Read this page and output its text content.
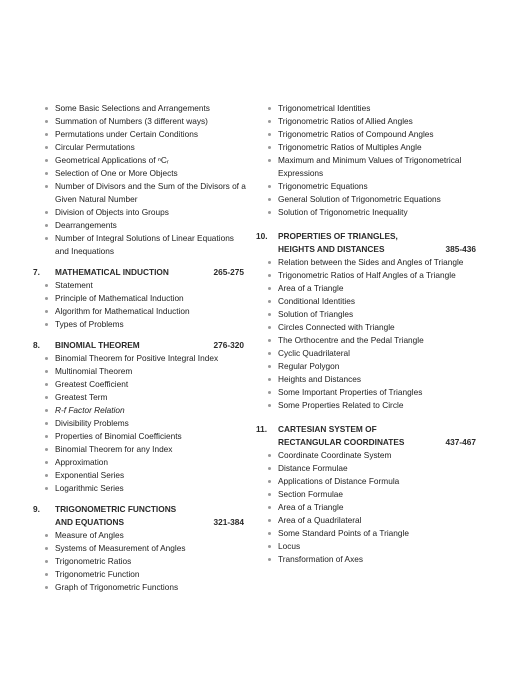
Some Basic Selections and Arrangements
Summation of Numbers (3 different ways)
Permutations under Certain Conditions
Circular Permutations
Geometrical Applications of ⁿCᵣ
Selection of One or More Objects
Number of Divisors and the Sum of the Divisors of a Given Natural Number
Division of Objects into Groups
Dearrangements
Number of Integral Solutions of Linear Equations and Inequations
7.	MATHEMATICAL INDUCTION	265-275
Statement
Principle of Mathematical Induction
Algorithm for Mathematical Induction
Types of Problems
8.	BINOMIAL THEOREM	276-320
Binomial Theorem for Positive Integral Index
Multinomial Theorem
Greatest Coefficient
Greatest Term
R-f Factor Relation
Divisibility Problems
Properties of Binomial Coefficients
Binomial Theorem for any Index
Approximation
Exponential Series
Logarithmic Series
9.	TRIGONOMETRIC FUNCTIONS
AND EQUATIONS	321-384
Measure of Angles
Systems of Measurement of Angles
Trigonometric Ratios
Trigonometric Function
Graph of Trigonometric Functions
Trigonometrical Identities
Trigonometric Ratios of Allied Angles
Trigonometric Ratios of Compound Angles
Trigonometric Ratios of Multiples Angle
Maximum and Minimum Values of Trigonometrical Expressions
Trigonometric Equations
General Solution of Trigonometric Equations
Solution of Trigonometric Inequality
10.	PROPERTIES OF TRIANGLES,
HEIGHTS AND DISTANCES	385-436
Relation between the Sides and Angles of Triangle
Trigonometric Ratios of Half Angles of a Triangle
Area of a Triangle
Conditional Identities
Solution of Triangles
Circles Connected with Triangle
The Orthocentre and the Pedal Triangle
Cyclic Quadrilateral
Regular Polygon
Heights and Distances
Some Important Properties of Triangles
Some Properties Related to Circle
11.	CARTESIAN SYSTEM OF
RECTANGULAR COORDINATES	437-467
Coordinate Coordinate System
Distance Formulae
Applications of Distance Formula
Section Formulae
Area of a Triangle
Area of a Quadrilateral
Some Standard Points of a Triangle
Locus
Transformation of Axes
